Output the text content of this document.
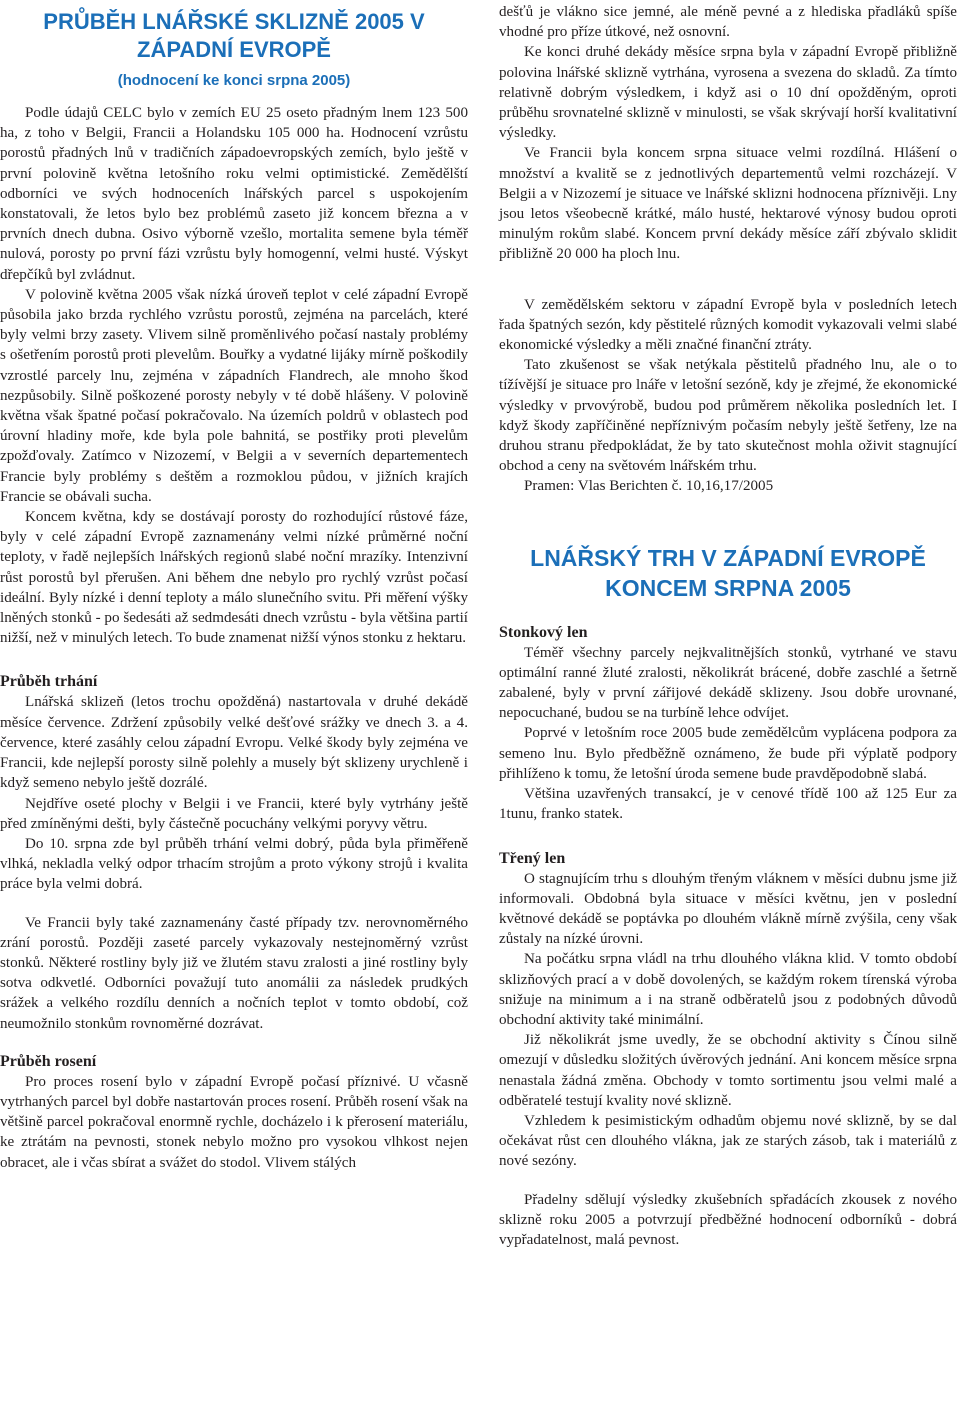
PRŮBĚH LNÁŘSKÉ SKLIZNĚ 2005 V
ZÁPADNÍ EVROPĚ
(hodnocení ke konci srpna 2005)

Podle údajů CELC bylo v zemích EU 25 oseto přadným lnem 123 500 ha, z toho v Belgii, Francii a Holandsku 105 000 ha. Hodnocení vzrůstu porostů přadných lnů v tradičních západoevropských zemích, bylo ještě v první polovině května letošního roku velmi optimistické. Zemědělští odborníci ve svých hodnoceních lnářských parcel s uspokojením konstatovali, že letos bylo bez problémů zaseto již koncem března a v prvních dnech dubna. Osivo výborně vzešlo, mortalita semene byla téměř nulová, porosty po první fázi vzrůstu byly homogenní, velmi husté. Výskyt dřepčíků byl zvládnut.

V polovině května 2005 však nízká úroveň teplot v celé západní Evropě působila jako brzda rychlého vzrůstu porostů, zejména na parcelách, které byly velmi brzy zasety. Vlivem silně proměnlivého počasí nastaly problémy s ošetřením porostů proti plevelům. Bouřky a vydatné lijáky mírně poškodily vzrostlé parcely lnu, zejména v západních Flandrech, ale mnoho škod nezpůsobily. Silně poškozené porosty nebyly v té době hlášeny. V polovině května však špatné počasí pokračovalo. Na územích poldrů v oblastech pod úrovní hladiny moře, kde byla pole bahnitá, se postřiky proti plevelům zpožďovaly. Zatímco v Nizozemí, v Belgii a v severních departementech Francie byly problémy s deštěm a rozmoklou půdou, v jižních krajích Francie se obávali sucha.

Koncem května, kdy se dostávají porosty do rozhodující růstové fáze, byly v celé západní Evropě zaznamenány velmi nízké průměrné noční teploty, v řadě nejlepších lnářských regionů slabé noční mrazíky. Intenzivní růst porostů byl přerušen. Ani během dne nebylo pro rychlý vzrůst počasí ideální. Byly nízké i denní teploty a málo slunečního svitu. Při měření výšky lněných stonků - po šedesáti až sedmdesáti dnech vzrůstu - byla většina partií nižší, než v minulých letech. To bude znamenat nižší výnos stonku z hektaru.

Průběh trhání

Lnářská sklizeň (letos trochu opožděná) nastartovala v druhé dekádě měsíce července. Zdržení způsobily velké dešťové srážky ve dnech 3. a 4. července, které zasáhly celou západní Evropu. Velké škody byly zejména ve Francii, kde nejlepší porosty silně polehly a musely být sklizeny urychleně i když semeno nebylo ještě dozrálé.

Nejdříve oseté plochy v Belgii i ve Francii, které byly vytrhány ještě před zmíněnými dešti, byly částečně pocuchány velkými poryvy větru.

Do 10. srpna zde byl průběh trhání velmi dobrý, půda byla přiměřeně vlhká, nekladla velký odpor trhacím strojům a proto výkony strojů i kvalita práce byla velmi dobrá.

Ve Francii byly také zaznamenány časté případy tzv. nerovnoměrného zrání porostů. Později zaseté parcely vykazovaly nestejnoměrný vzrůst stonků. Některé rostliny byly již ve žlutém stavu zralosti a jiné rostliny byly sotva odkvetlé. Odborníci považují tuto anomálii za následek prudkých srážek a velkého rozdílu denních a nočních teplot v tomto období, což neumožnilo stonkům rovnoměrné dozrávat.

Průběh rosení

Pro proces rosení bylo v západní Evropě počasí příznivé. U včasně vytrhaných parcel byl dobře nastartován proces rosení. Průběh rosení však na většině parcel pokračoval enormně rychle, docházelo i k přerosení materiálu, ke ztrátám na pevnosti, stonek nebylo možno pro vysokou vlhkost nejen obracet, ale i včas sbírat a svážet do stodol. Vlivem stálých

dešťů je vlákno sice jemné, ale méně pevné a z hlediska přadláků spíše vhodné pro příze útkové, než osnovní.

Ke konci druhé dekády měsíce srpna byla v západní Evropě přibližně polovina lnářské sklizně vytrhána, vyrosena a svezena do skladů. Za tímto relativně dobrým výsledkem, i když asi o 10 dní opožděným, oproti průběhu srovnatelné sklizně v minulosti, se však skrývají horší kvalitativní výsledky.

Ve Francii byla koncem srpna situace velmi rozdílná. Hlášení o množství a kvalitě se z jednotlivých departementů velmi rozcházejí. V Belgii a v Nizozemí je situace ve lnářské sklizni hodnocena příznivěji. Lny jsou letos všeobecně krátké, málo husté, hektarové výnosy budou oproti minulým rokům slabé. Koncem první dekády měsíce září zbývalo sklidit přibližně 20 000 ha ploch lnu.

V zemědělském sektoru v západní Evropě byla v posledních letech řada špatných sezón, kdy pěstitelé různých komodit vykazovali velmi slabé ekonomické výsledky a měli značné finanční ztráty.

Tato zkušenost se však netýkala pěstitelů přadného lnu, ale o to tížívější je situace pro lnáře v letošní sezóně, kdy je zřejmé, že ekonomické výsledky v prvovýrobě, budou pod průměrem několika posledních let. I když škody zapříčiněné nepříznivým počasím nebyly ještě šetřeny, lze na druhou stranu předpokládat, že by tato skutečnost mohla oživit stagnující obchod a ceny na světovém lnářském trhu.

Pramen: Vlas Berichten č. 10,16,17/2005

LNÁŘSKÝ TRH V ZÁPADNÍ EVROPĚ
KONCEM SRPNA 2005
Stonkový len

Téměř všechny parcely nejkvalitnějších stonků, vytrhané ve stavu optimální ranné žluté zralosti, několikrát brácené, dobře zaschlé a šetrně zabalené, byly v první zářijové dekádě sklizeny. Jsou dobře urovnané, nepocuchané, budou se na turbíně lehce odvíjet.

Poprvé v letošním roce 2005 bude zemědělcům vyplácena podpora za semeno lnu. Bylo předběžně oznámeno, že bude při výplatě podpory přihlíženo k tomu, že letošní úroda semene bude pravděpodobně slabá.

Většina uzavřených transakcí, je v cenové třídě 100 až 125 Eur za 1tunu, franko statek.

Třený len

O stagnujícím trhu s dlouhým třeným vláknem v měsíci dubnu jsme již informovali. Obdobná byla situace v měsíci květnu, jen v poslední květnové dekádě se poptávka po dlouhém vlákně mírně zvýšila, ceny však zůstaly na nízké úrovni.

Na počátku srpna vládl na trhu dlouhého vlákna klid. V tomto období sklizňových prací a v době dovolených, se každým rokem tírenská výroba snižuje na minimum a i na straně odběratelů jsou z podobných důvodů obchodní aktivity také minimální.

Již několikrát jsme uvedly, že se obchodní aktivity s Čínou silně omezují v důsledku složitých úvěrových jednání. Ani koncem měsíce srpna nenastala žádná změna. Obchody v tomto sortimentu jsou velmi malé a odběratelé testují kvality nové sklizně.

Vzhledem k pesimistickým odhadům objemu nové sklizně, by se dal očekávat růst cen dlouhého vlákna, jak ze starých zásob, tak i materiálů z nové sezóny.

Přadelny sdělují výsledky zkušebních spřadácích zkousek z nového sklizně roku 2005 a potvrzují předběžné hodnocení odborníků - dobrá vypřadatelnost, malá pevnost.
